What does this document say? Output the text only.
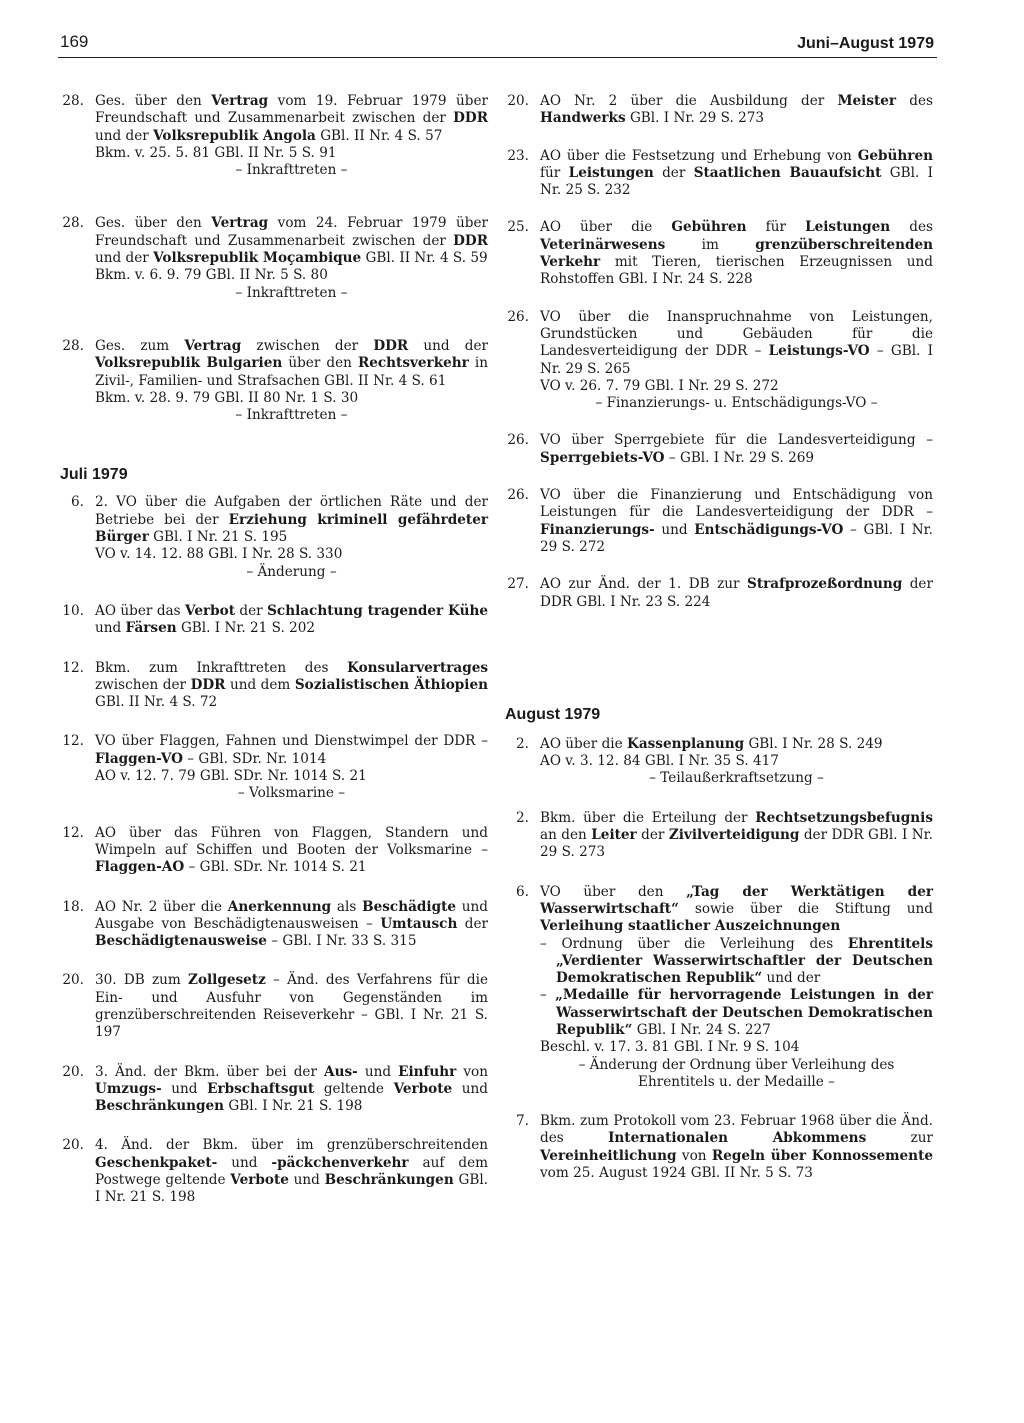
169	Juni–August 1979
28. Ges. über den Vertrag vom 19. Februar 1979 über Freundschaft und Zusammenarbeit zwischen der DDR und der Volksrepublik Angola GBl. II Nr. 4 S. 57
Bkm. v. 25. 5. 81 GBl. II Nr. 5 S. 91
– Inkrafttreten –
28. Ges. über den Vertrag vom 24. Februar 1979 über Freundschaft und Zusammenarbeit zwischen der DDR und der Volksrepublik Moçambique GBl. II Nr. 4 S. 59
Bkm. v. 6. 9. 79 GBl. II Nr. 5 S. 80
– Inkrafttreten –
28. Ges. zum Vertrag zwischen der DDR und der Volksrepublik Bulgarien über den Rechtsverkehr in Zivil-, Familien- und Strafsachen GBl. II Nr. 4 S. 61
Bkm. v. 28. 9. 79 GBl. II 80 Nr. 1 S. 30
– Inkrafttreten –
Juli 1979
6. 2. VO über die Aufgaben der örtlichen Räte und der Betriebe bei der Erziehung kriminell gefährdeter Bürger GBl. I Nr. 21 S. 195
VO v. 14. 12. 88 GBl. I Nr. 28 S. 330
– Änderung –
10. AO über das Verbot der Schlachtung tragender Kühe und Färsen GBl. I Nr. 21 S. 202
12. Bkm. zum Inkrafttreten des Konsularvertrages zwischen der DDR und dem Sozialistischen Äthiopien GBl. II Nr. 4 S. 72
12. VO über Flaggen, Fahnen und Dienstwimpel der DDR – Flaggen-VO – GBl. SDr. Nr. 1014
AO v. 12. 7. 79 GBl. SDr. Nr. 1014 S. 21
– Volksmarine –
12. AO über das Führen von Flaggen, Standern und Wimpeln auf Schiffen und Booten der Volksmarine – Flaggen-AO – GBl. SDr. Nr. 1014 S. 21
18. AO Nr. 2 über die Anerkennung als Beschädigte und Ausgabe von Beschädigtenausweisen – Umtausch der Beschädigtenausweise – GBl. I Nr. 33 S. 315
20. 30. DB zum Zollgesetz – Änd. des Verfahrens für die Ein- und Ausfuhr von Gegenständen im grenzüberschreitenden Reiseverkehr – GBl. I Nr. 21 S. 197
20. 3. Änd. der Bkm. über bei der Aus- und Einfuhr von Umzugs- und Erbschaftsgut geltende Verbote und Beschränkungen GBl. I Nr. 21 S. 198
20. 4. Änd. der Bkm. über im grenzüberschreitenden Geschenkpaket- und -päckchenverkehr auf dem Postwege geltende Verbote und Beschränkungen GBl. I Nr. 21 S. 198
20. AO Nr. 2 über die Ausbildung der Meister des Handwerks GBl. I Nr. 29 S. 273
23. AO über die Festsetzung und Erhebung von Gebühren für Leistungen der Staatlichen Bauaufsicht GBl. I Nr. 25 S. 232
25. AO über die Gebühren für Leistungen des Veterinärwesens im grenzüberschreitenden Verkehr mit Tieren, tierischen Erzeugnissen und Rohstoffen GBl. I Nr. 24 S. 228
26. VO über die Inanspruchnahme von Leistungen, Grundstücken und Gebäuden für die Landesverteidigung der DDR – Leistungs-VO – GBl. I Nr. 29 S. 265
VO v. 26. 7. 79 GBl. I Nr. 29 S. 272
– Finanzierungs- u. Entschädigungs-VO –
26. VO über Sperrgebiete für die Landesverteidigung – Sperrgebiets-VO – GBl. I Nr. 29 S. 269
26. VO über die Finanzierung und Entschädigung von Leistungen für die Landesverteidigung der DDR – Finanzierungs- und Entschädigungs-VO – GBl. I Nr. 29 S. 272
27. AO zur Änd. der 1. DB zur Strafprozeßordnung der DDR GBl. I Nr. 23 S. 224
August 1979
2. AO über die Kassenplanung GBl. I Nr. 28 S. 249
AO v. 3. 12. 84 GBl. I Nr. 35 S. 417
– Teilaußerkraftsetzung –
2. Bkm. über die Erteilung der Rechtsetzungsbefugnis an den Leiter der Zivilverteidigung der DDR GBl. I Nr. 29 S. 273
6. VO über den „Tag der Werktätigen der Wasserwirtschaft“ sowie über die Stiftung und Verleihung staatlicher Auszeichnungen
– Ordnung über die Verleihung des Ehrentitels „Verdienter Wasserwirtschaftler der Deutschen Demokratischen Republik“ und der
– „Medaille für hervorragende Leistungen in der Wasserwirtschaft der Deutschen Demokratischen Republik“ GBl. I Nr. 24 S. 227
Beschl. v. 17. 3. 81 GBl. I Nr. 9 S. 104
– Änderung der Ordnung über Verleihung des Ehrentitels u. der Medaille –
7. Bkm. zum Protokoll vom 23. Februar 1968 über die Änd. des Internationalen Abkommens zur Vereinheitlichung von Regeln über Konnossemente vom 25. August 1924 GBl. II Nr. 5 S. 73
